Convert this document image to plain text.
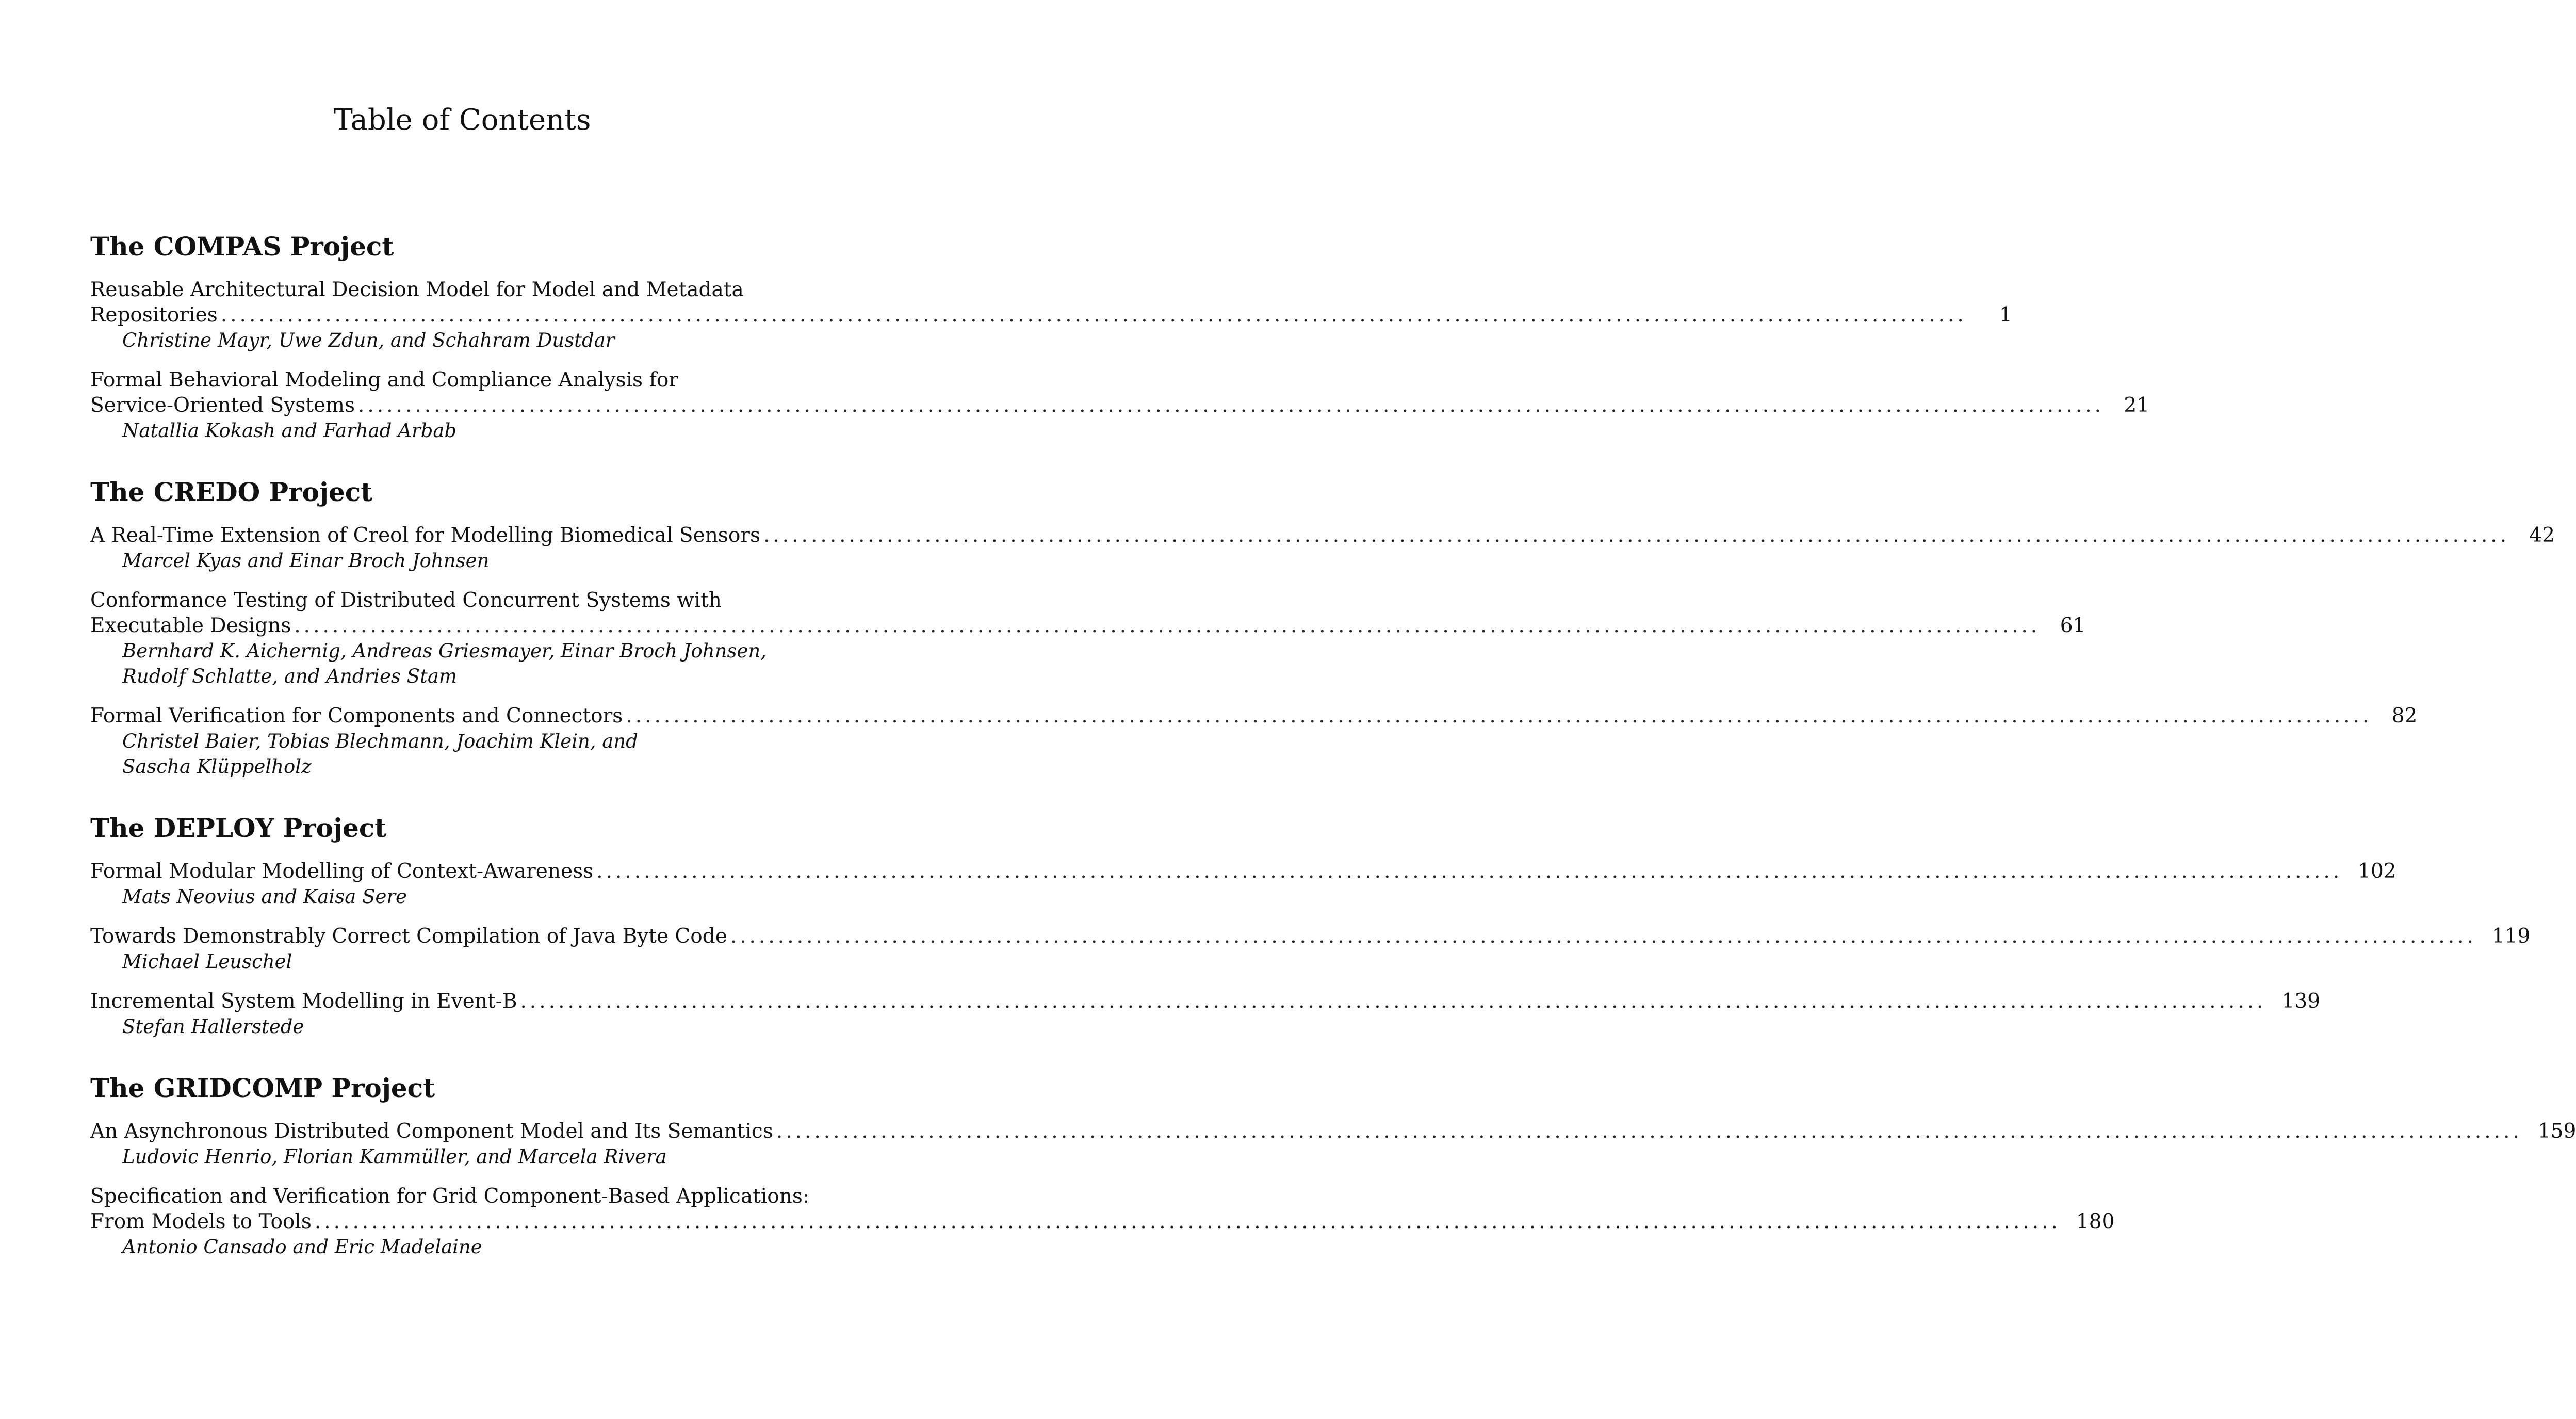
Table of Contents
The COMPAS Project
Reusable Architectural Decision Model for Model and Metadata
Repositories .....	1
Christine Mayr, Uwe Zdun, and Schahram Dustdar
Formal Behavioral Modeling and Compliance Analysis for
Service-Oriented Systems .....	21
Natallia Kokash and Farhad Arbab
The CREDO Project
A Real-Time Extension of Creol for Modelling Biomedical Sensors .....	42
Marcel Kyas and Einar Broch Johnsen
Conformance Testing of Distributed Concurrent Systems with
Executable Designs .....	61
Bernhard K. Aichernig, Andreas Griesmayer, Einar Broch Johnsen,
Rudolf Schlatte, and Andries Stam
Formal Verification for Components and Connectors .....	82
Christel Baier, Tobias Blechmann, Joachim Klein, and
Sascha Klüppelholz
The DEPLOY Project
Formal Modular Modelling of Context-Awareness .....	102
Mats Neovius and Kaisa Sere
Towards Demonstrably Correct Compilation of Java Byte Code .....	119
Michael Leuschel
Incremental System Modelling in Event-B .....	139
Stefan Hallerstede
The GRIDCOMP Project
An Asynchronous Distributed Component Model and Its Semantics .....	159
Ludovic Henrio, Florian Kammüller, and Marcela Rivera
Specification and Verification for Grid Component-Based Applications:
From Models to Tools .....	180
Antonio Cansado and Eric Madelaine
